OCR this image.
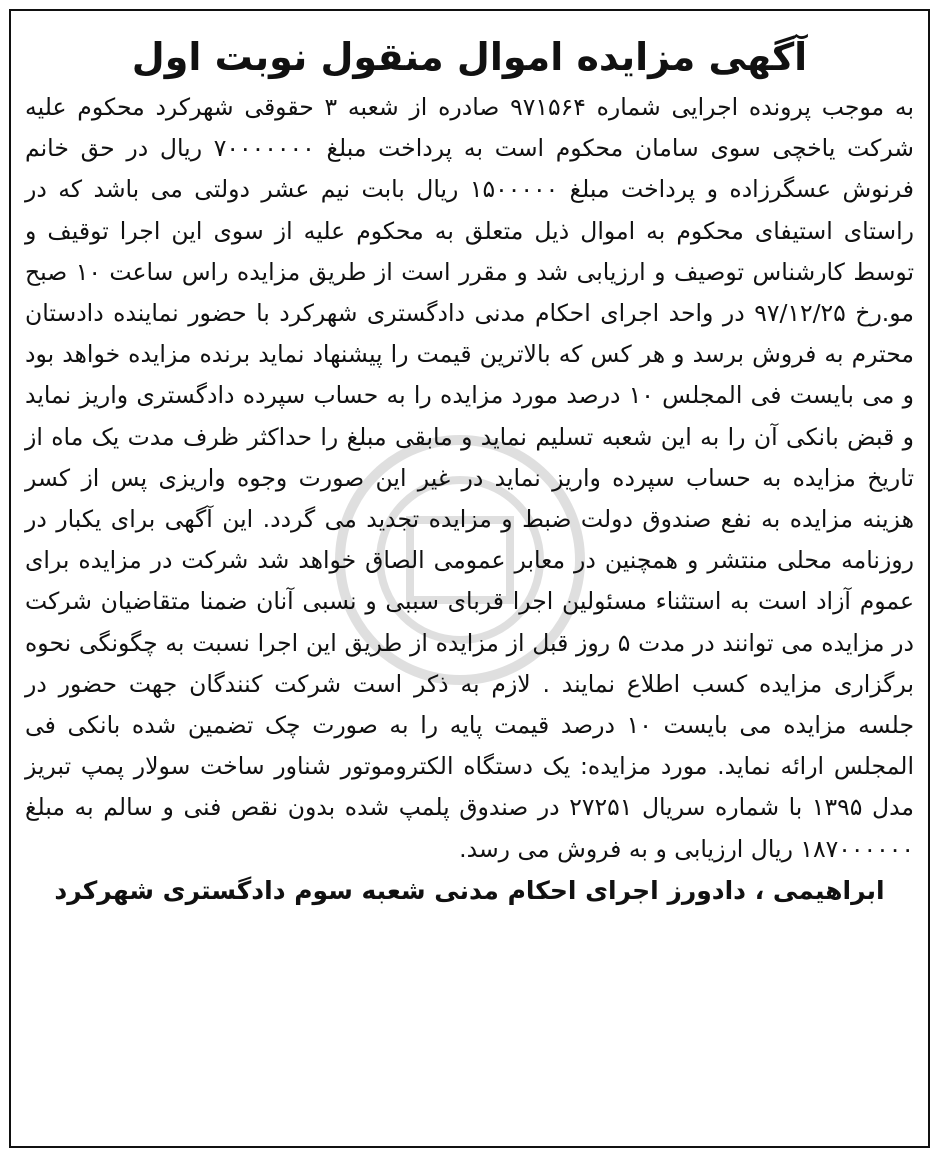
آگهی مزایده اموال منقول نوبت اول

به موجب پرونده اجرایی شماره ۹۷۱۵۶۴ صادره از شعبه ۳ حقوقی شهرکرد محکوم علیه شرکت یاخچی سوی سامان محکوم است به پرداخت مبلغ ۷۰۰۰۰۰۰۰ ریال در حق خانم فرنوش عسگرزاده و پرداخت مبلغ ۱۵۰۰۰۰۰ ریال بابت نیم عشر دولتی می باشد که در راستای استیفای محکوم به اموال ذیل متعلق به محکوم علیه از سوی این اجرا توقیف و توسط کارشناس توصیف و ارزیابی شد و مقرر است از طریق مزایده راس ساعت ۱۰ صبح مو.رخ ۹۷/۱۲/۲۵ در واحد اجرای احکام مدنی دادگستری شهرکرد با حضور نماینده دادستان محترم به فروش برسد و هر کس که بالاترین قیمت را پیشنهاد نماید برنده مزایده خواهد بود و می بایست فی المجلس ۱۰ درصد مورد مزایده را به حساب سپرده دادگستری واریز نماید و قبض بانکی آن را به این شعبه تسلیم نماید و مابقی مبلغ را حداکثر ظرف مدت یک ماه از تاریخ مزایده به حساب سپرده واریز نماید در غیر این صورت وجوه واریزی پس از کسر هزینه مزایده به نفع صندوق دولت ضبط و مزایده تجدید می گردد. این آگهی برای یکبار در روزنامه محلی منتشر و همچنین در معابر عمومی الصاق خواهد شد شرکت در مزایده برای عموم آزاد است به استثناء مسئولین اجرا قربای سببی و نسبی آنان ضمنا متقاضیان شرکت در مزایده می توانند در مدت ۵ روز قبل از مزایده از طریق این اجرا نسبت به چگونگی نحوه برگزاری مزایده کسب اطلاع نمایند . لازم به ذکر است شرکت کنندگان جهت حضور در جلسه مزایده می بایست ۱۰ درصد قیمت پایه را به صورت چک تضمین شده بانکی فی المجلس ارائه نماید. مورد مزایده: یک دستگاه الکتروموتور شناور ساخت سولار پمپ تبریز مدل ۱۳۹۵ با شماره سریال ۲۷۲۵۱ در صندوق پلمپ شده بدون نقص فنی و سالم به مبلغ ۱۸۷۰۰۰۰۰۰ ریال ارزیابی و به فروش می رسد.

ابراهیمی ، دادورز اجرای احکام مدنی شعبه سوم دادگستری شهرکرد
